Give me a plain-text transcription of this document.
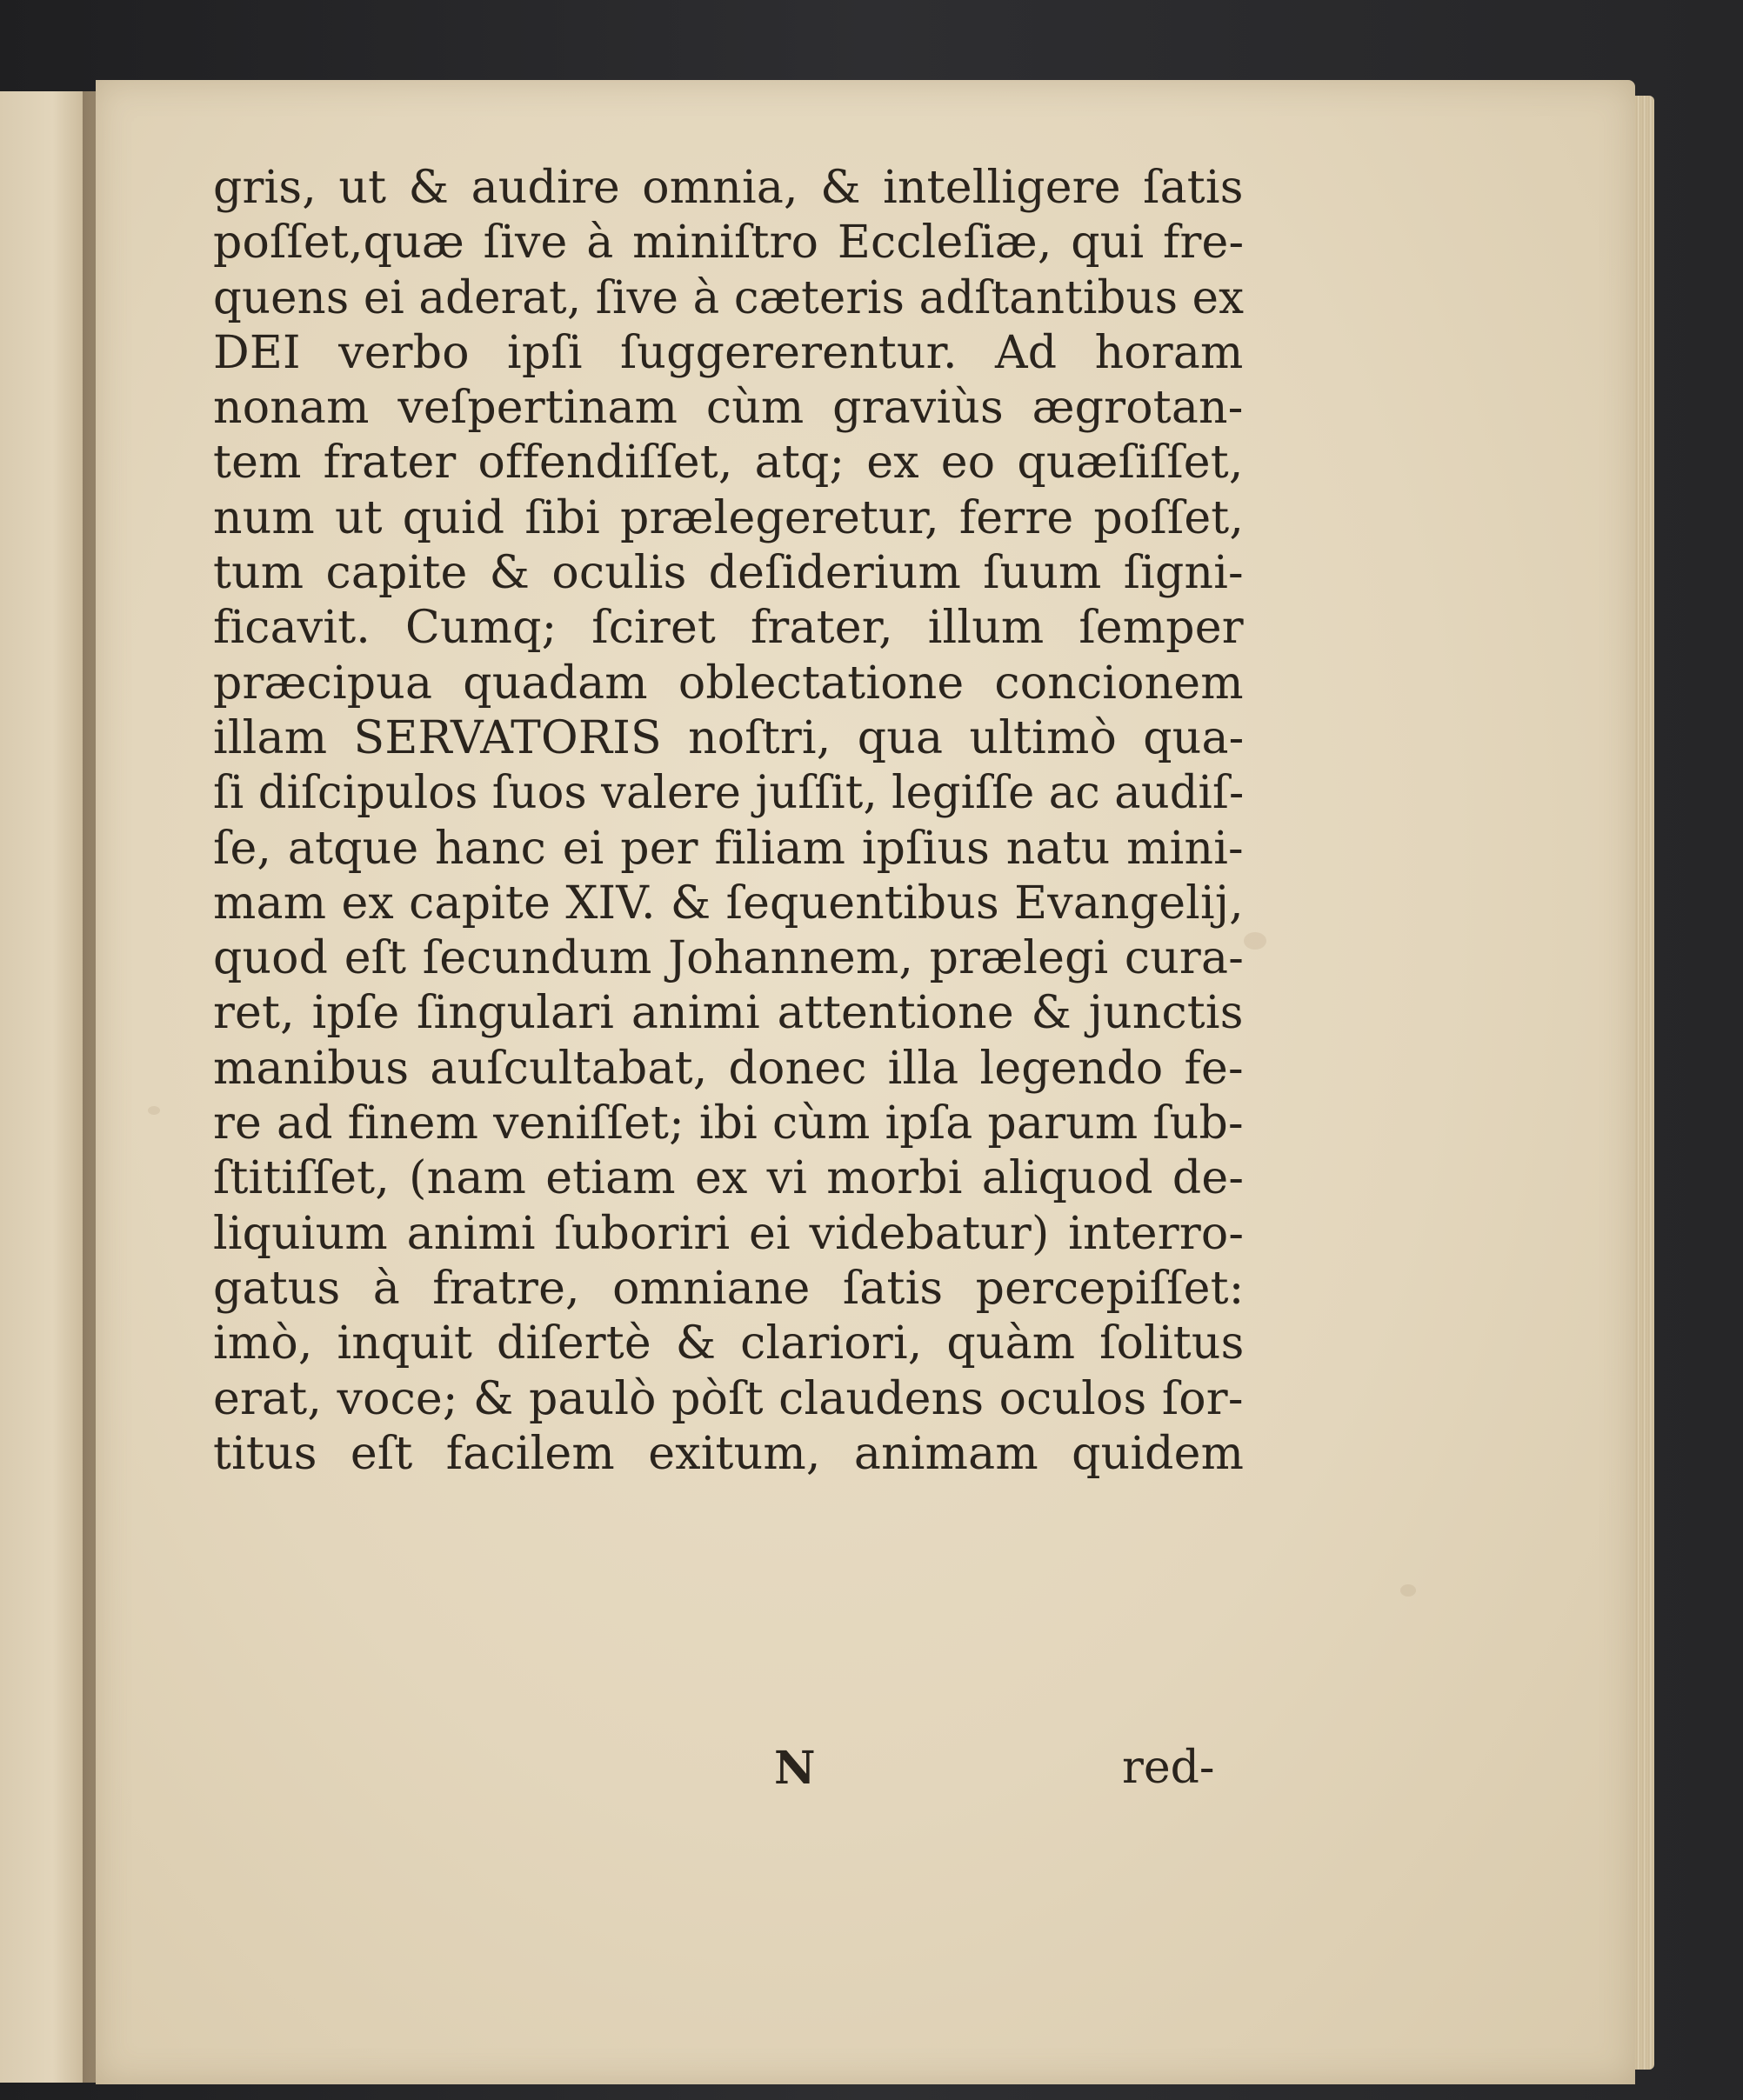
gris, ut & audire omnia, & intelligere ſatis
poſſet,quæ ſive à miniſtro Eccleſiæ, qui fre-
quens ei aderat, ſive à cæteris adſtantibus ex
DEI verbo ipſi ſuggererentur. Ad horam
nonam veſpertinam cùm graviùs ægrotan-
tem frater offendiſſet, atq; ex eo quæſiſſet,
num ut quid ſibi prælegeretur, ferre poſſet,
tum capite & oculis deſiderium ſuum ſigni-
ficavit. Cumq; ſciret frater, illum ſemper
præcipua quadam oblectatione concionem
illam SERVATORIS noſtri, qua ultimò qua-
ſi diſcipulos ſuos valere juſſit, legiſſe ac audiſ-
ſe, atque hanc ei per filiam ipſius natu mini-
mam ex capite XIV. & ſequentibus Evangelij,
quod eſt ſecundum Johannem, prælegi cura-
ret, ipſe ſingulari animi attentione & junctis
manibus auſcultabat, donec illa legendo fe-
re ad finem veniſſet; ibi cùm ipſa parum ſub-
ſtitiſſet, (nam etiam ex vi morbi aliquod de-
liquium animi ſuboriri ei videbatur) interro-
gatus à fratre, omniane ſatis percepiſſet:
imò, inquit diſertè & clariori, quàm ſolitus
erat, voce; & paulò pòſt claudens oculos ſor-
titus eſt facilem exitum, animam quidem
N	red-
